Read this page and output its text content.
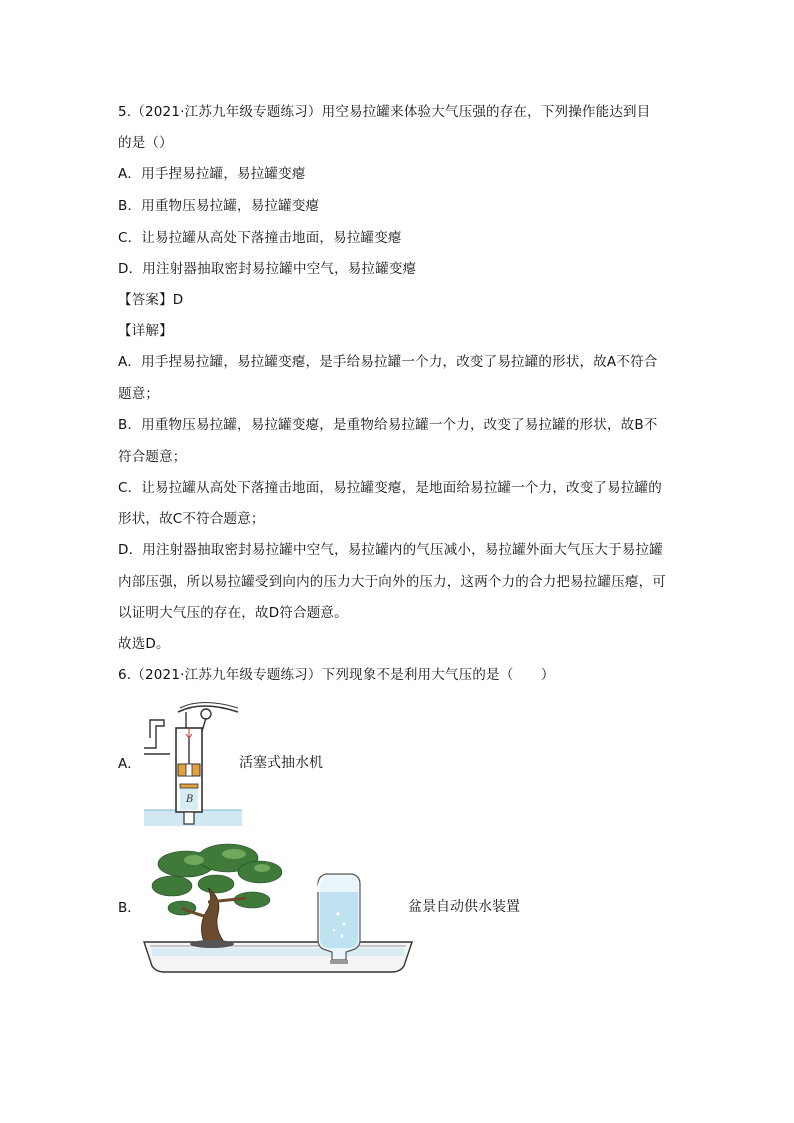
5.（2021·江苏九年级专题练习）用空易拉罐来体验大气压强的存在，下列操作能达到目
的是（）
A．用手捏易拉罐，易拉罐变瘪
B．用重物压易拉罐，易拉罐变瘪
C．让易拉罐从高处下落撞击地面，易拉罐变瘪
D．用注射器抽取密封易拉罐中空气，易拉罐变瘪
【答案】D
【详解】
A．用手捏易拉罐，易拉罐变瘪，是手给易拉罐一个力，改变了易拉罐的形状，故A不符合
题意；
B．用重物压易拉罐，易拉罐变瘪，是重物给易拉罐一个力，改变了易拉罐的形状，故B不
符合题意；
C．让易拉罐从高处下落撞击地面，易拉罐变瘪，是地面给易拉罐一个力，改变了易拉罐的
形状，故C不符合题意；
D．用注射器抽取密封易拉罐中空气，易拉罐内的气压减小，易拉罐外面大气压大于易拉罐
内部压强，所以易拉罐受到向内的压力大于向外的压力，这两个力的合力把易拉罐压瘪，可
以证明大气压的存在，故D符合题意。
故选D。
6.（2021·江苏九年级专题练习）下列现象不是利用大气压的是（　　）
A．
B
活塞式抽水机
B．	盆景自动供水装置
